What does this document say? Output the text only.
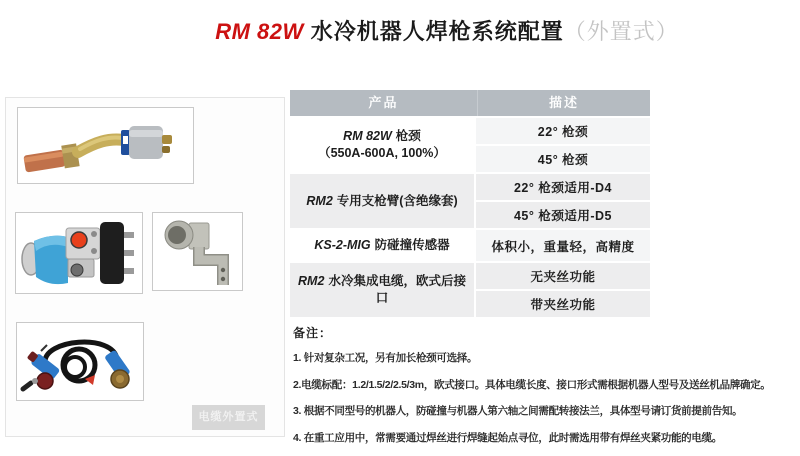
RM 82W 水冷机器人焊枪系统配置（外置式）
电缆外置式
产品	描述
RM 82W 枪颈
（550A-600A, 100%）
22° 枪颈
45° 枪颈
RM2 专用支枪臂(含绝缘套)
22° 枪颈适用-D4
45° 枪颈适用-D5
KS-2-MIG 防碰撞传感器	体积小，重量轻，高精度
RM2 水冷集成电缆，欧式后接口
无夹丝功能
带夹丝功能
备注：
1. 针对复杂工况，另有加长枪颈可选择。
2.电缆标配：1.2/1.5/2/2.5/3m，欧式接口。具体电缆长度、接口形式需根据机器人型号及送丝机品牌确定。
3. 根据不同型号的机器人，防碰撞与机器人第六轴之间需配转接法兰，具体型号请订货前提前告知。
4. 在重工应用中，常需要通过焊丝进行焊缝起始点寻位，此时需选用带有焊丝夹紧功能的电缆。
